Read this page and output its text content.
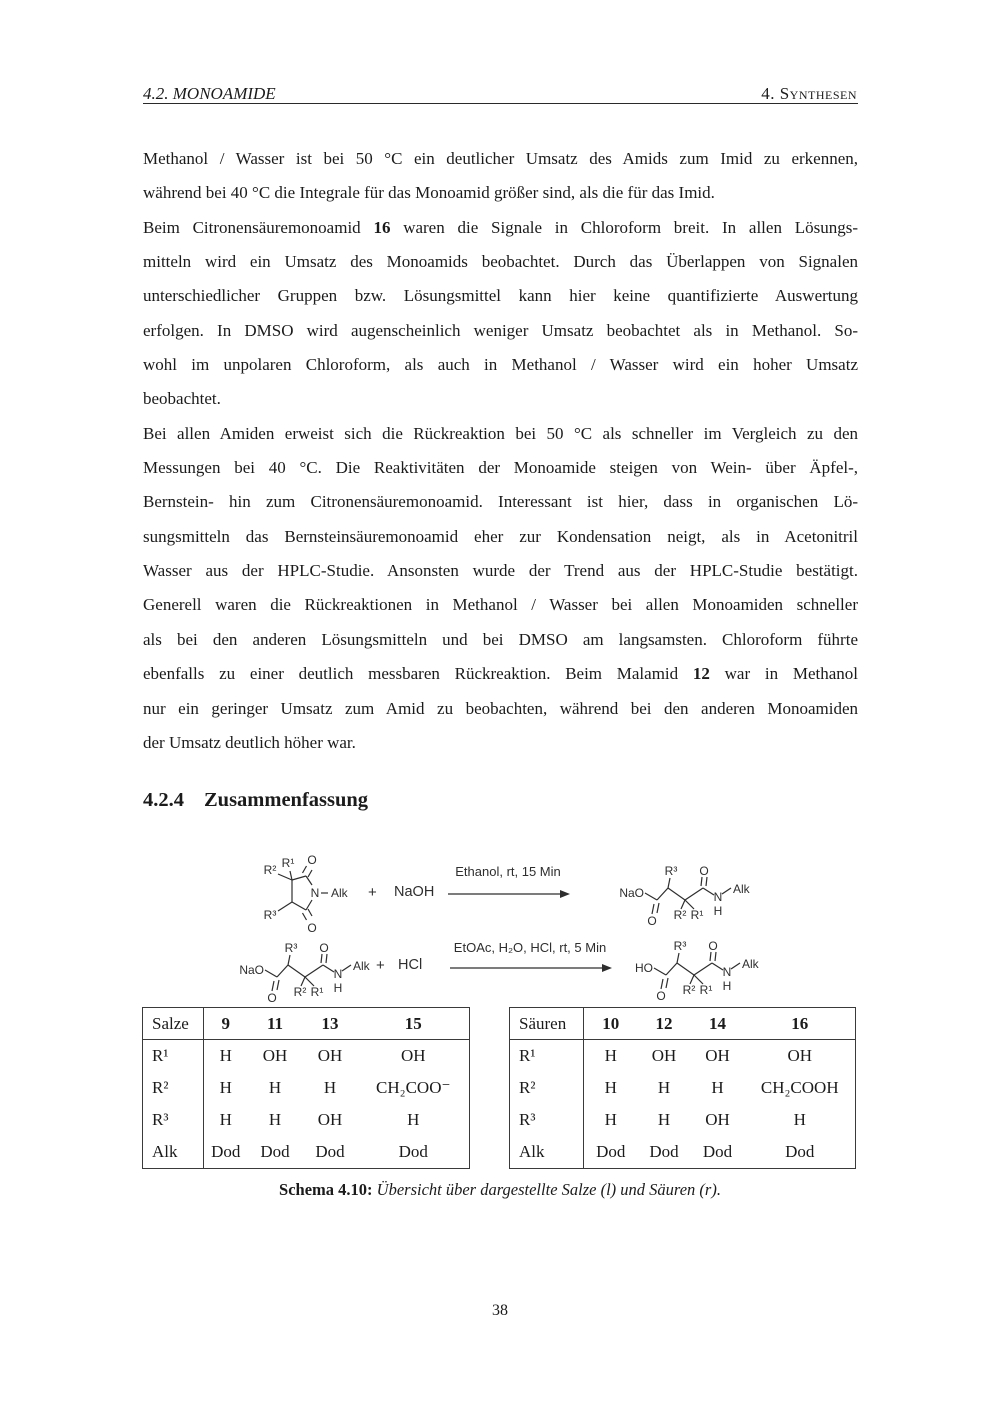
4.2. MONOAMIDE	4. Synthesen
Methanol / Wasser ist bei 50 °C ein deutlicher Umsatz des Amids zum Imid zu erkennen,
während bei 40 °C die Integrale für das Monoamid größer sind, als die für das Imid.
Beim Citronensäuremonoamid 16 waren die Signale in Chloroform breit. In allen Lösungs-
mitteln wird ein Umsatz des Monoamids beobachtet. Durch das Überlappen von Signalen
unterschiedlicher Gruppen bzw. Lösungsmittel kann hier keine quantifizierte Auswertung
erfolgen. In DMSO wird augenscheinlich weniger Umsatz beobachtet als in Methanol. So-
wohl im unpolaren Chloroform, als auch in Methanol / Wasser wird ein hoher Umsatz
beobachtet.
Bei allen Amiden erweist sich die Rückreaktion bei 50 °C als schneller im Vergleich zu den
Messungen bei 40 °C. Die Reaktivitäten der Monoamide steigen von Wein- über Äpfel-,
Bernstein- hin zum Citronensäuremonoamid. Interessant ist hier, dass in organischen Lö-
sungsmitteln das Bernsteinsäuremonoamid eher zur Kondensation neigt, als in Acetonitril
Wasser aus der HPLC-Studie. Ansonsten wurde der Trend aus der HPLC-Studie bestätigt.
Generell waren die Rückreaktionen in Methanol / Wasser bei allen Monoamiden schneller
als bei den anderen Lösungsmitteln und bei DMSO am langsamsten. Chloroform führte
ebenfalls zu einer deutlich messbaren Rückreaktion. Beim Malamid 12 war in Methanol
nur ein geringer Umsatz zum Amid zu beobachten, während bei den anderen Monoamiden
der Umsatz deutlich höher war.
4.2.4 Zusammenfassung
R² R¹ O
N Alk
O
R³
+ NaOH
Ethanol, rt, 15 Min
NaO
R³ O
Alk
N
H
R² R¹
O
NaO
R³ O
Alk
N
H
R² R¹
O
+ HCl
EtOAc, H₂O, HCl, rt, 5 Min
HO
R³ O
Alk
N
H
R² R¹
O
Salze	9	11	13	15
R¹	H	OH	OH	OH
R²	H	H	H	CH₂COO⁻
R³	H	H	OH	H
Alk	Dod	Dod	Dod	Dod
Säuren	10	12	14	16
R¹	H	OH	OH	OH
R²	H	H	H	CH₂COOH
R³	H	H	OH	H
Alk	Dod	Dod	Dod	Dod
Schema 4.10: Übersicht über dargestellte Salze (l) und Säuren (r).
38
